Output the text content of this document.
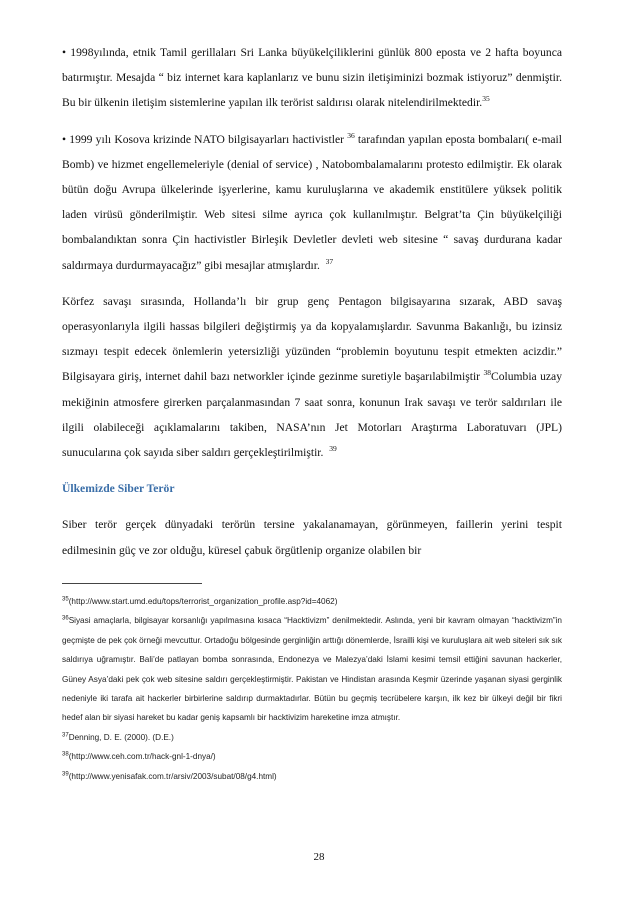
• 1998yılında, etnik Tamil gerillaları Sri Lanka büyükelçiliklerini günlük 800 eposta ve 2 hafta boyunca batırmıştır. Mesajda “ biz internet kara kaplanlarız ve bunu sizin iletişiminizi bozmak istiyoruz” denmiştir. Bu bir ülkenin iletişim sistemlerine yapılan ilk terörist saldırısı olarak nitelendirilmektedir.$^{35}$

• 1999 yılı Kosova krizinde NATO bilgisayarları hactivistler $^{36}$ tarafından yapılan eposta bombaları( e-mail Bomb) ve hizmet engellemeleriyle (denial of service) , Natobombalamalarını protesto edilmiştir. Ek olarak bütün doğu Avrupa ülkelerinde işyerlerine, kamu kuruluşlarına ve akademik enstitülere yüksek politik laden virüsü gönderilmiştir. Web sitesi silme ayrıca çok kullanılmıştır. Belgrat’ta Çin büyükelçiliği bombalandıktan sonra Çin hactivistler Birleşik Devletler devleti web sitesine “ savaş durdurana kadar saldırmaya durdurmayacağız” gibi mesajlar atmışlardır. $^{37}$

Körfez savaşı sırasında, Hollanda’lı bir grup genç Pentagon bilgisayarına sızarak, ABD savaş operasyonlarıyla ilgili hassas bilgileri değiştirmiş ya da kopyalamışlardır. Savunma Bakanlığı, bu izinsiz sızmayı tespit edecek önlemlerin yetersizliği yüzünden “problemin boyutunu tespit etmekten acizdir.” Bilgisayara giriş, internet dahil bazı networkler içinde gezinme suretiyle başarılabilmiştir $^{38}$Columbia uzay mekiğinin atmosfere girerken parçalanmasından 7 saat sonra, konunun Irak savaşı ve terör saldırıları ile ilgili olabileceği açıklamalarını takiben, NASA’nın Jet Motorları Araştırma Laboratuvarı (JPL) sunucularına çok sayıda siber saldırı gerçekleştirilmiştir. $^{39}$

Ülkemizde Siber Terör

Siber terör gerçek dünyadaki terörün tersine yakalanamayan, görünmeyen, faillerin yerini tespit edilmesinin güç ve zor olduğu, küresel çabuk örgütlenip organize olabilen bir

$^{35}$(http://www.start.umd.edu/tops/terrorist_organization_profile.asp?id=4062)

$^{36}$Siyasi amaçlarla, bilgisayar korsanlığı yapılmasına kısaca “Hacktivizm” denilmektedir. Aslında, yeni bir kavram olmayan “hacktivizm”in geçmişte de pek çok örneği mevcuttur. Ortadoğu bölgesinde gerginliğin arttığı dönemlerde, İsrailli kişi ve kuruluşlara ait web siteleri sık sık saldırıya uğramıştır. Bali’de patlayan bomba sonrasında, Endonezya ve Malezya’daki İslami kesimi temsil ettiğini savunan hackerler, Güney Asya’daki pek çok web sitesine saldırı gerçekleştirmiştir. Pakistan ve Hindistan arasında Keşmir üzerinde yaşanan siyasi gerginlik nedeniyle iki tarafa ait hackerler birbirlerine saldırıp durmaktadırlar. Bütün bu geçmiş tecrübelere karşın, ilk kez bir ülkeyi değil bir fikri hedef alan bir siyasi hareket bu kadar geniş kapsamlı bir hacktivizim hareketine imza atmıştır.

$^{37}$Denning, D. E. (2000). (D.E.)

$^{38}$(http://www.ceh.com.tr/hack-gnl-1-dnya/)

$^{39}$(http://www.yenisafak.com.tr/arsiv/2003/subat/08/g4.html)

28
